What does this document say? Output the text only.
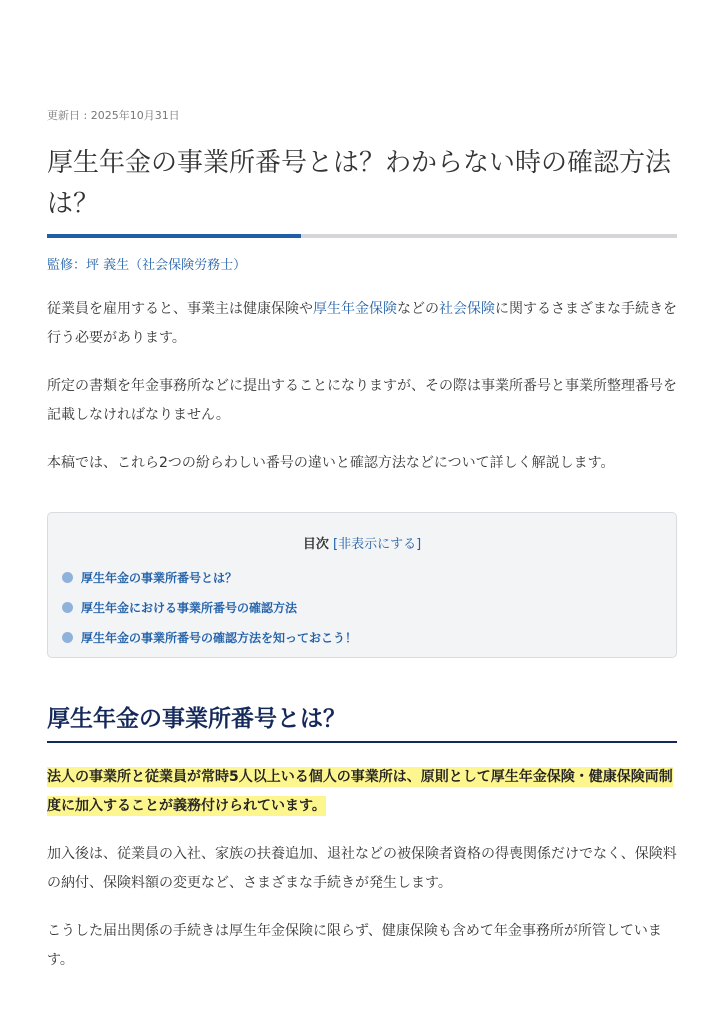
更新日 : 2025年10月31日
厚生年金の事業所番号とは？わからない時の確認方法は？
監修：坪 義生（社会保険労務士）

従業員を雇用すると、事業主は健康保険や厚生年金保険などの社会保険に関するさまざまな手続きを行う必要があります。

所定の書類を年金事務所などに提出することになりますが、その際は事業所番号と事業所整理番号を記載しなければなりません。

本稿では、これら2つの紛らわしい番号の違いと確認方法などについて詳しく解説します。

目次 [非表示にする]
厚生年金の事業所番号とは？
厚生年金における事業所番号の確認方法
厚生年金の事業所番号の確認方法を知っておこう！
厚生年金の事業所番号とは？

法人の事業所と従業員が常時5人以上いる個人の事業所は、原則として厚生年金保険・健康保険両制度に加入することが義務付けられています。

加入後は、従業員の入社、家族の扶養追加、退社などの被保険者資格の得喪関係だけでなく、保険料の納付、保険料額の変更など、さまざまな手続きが発生します。

こうした届出関係の手続きは厚生年金保険に限らず、健康保険も含めて年金事務所が所管しています。
